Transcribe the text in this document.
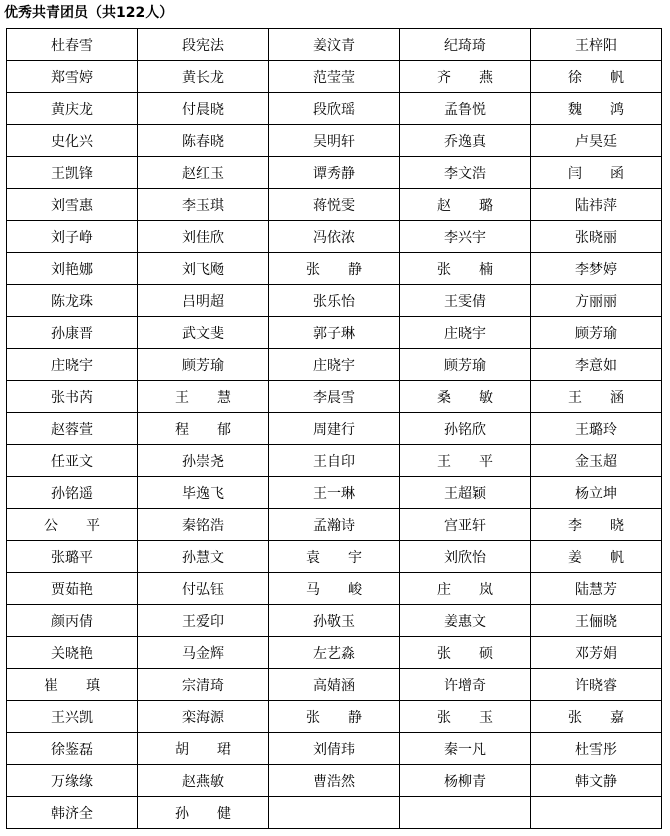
优秀共青团员（共122人）
杜春雪	段宪法	姜汶青	纪琦琦	王梓阳
郑雪婷	黄长龙	范莹莹	齐　　燕	徐　　帆
黄庆龙	付晨晓	段欣瑶	孟鲁悦	魏　　鸿
史化兴	陈春晓	吴明轩	乔逸真	卢昊廷
王凯锋	赵红玉	谭秀静	李文浩	闫　　函
刘雪惠	李玉琪	蒋悦雯	赵　　璐	陆祎萍
刘子峥	刘佳欣	冯依浓	李兴宇	张晓丽
刘艳娜	刘飞飏	张　　静	张　　楠	李梦婷
陈龙珠	吕明超	张乐怡	王雯倩	方丽丽
孙康晋	武文斐	郭子琳	庄晓宇	顾芳瑜
庄晓宇	顾芳瑜	庄晓宇	顾芳瑜	李意如
张书芮	王　　慧	李晨雪	桑　　敏	王　　涵
赵蓉萱	程　　郁	周建行	孙铭欣	王璐玲
任亚文	孙崇尧	王自印	王　　平	金玉超
孙铭遥	毕逸飞	王一琳	王超颖	杨立坤
公　　平	秦铭浩	孟瀚诗	宫亚轩	李　　晓
张璐平	孙慧文	袁　　宇	刘欣怡	姜　　帆
贾茹艳	付弘钰	马　　峻	庄　　岚	陆慧芳
颜丙倩	王爱印	孙敬玉	姜惠文	王俪晓
关晓艳	马金辉	左艺淼	张　　硕	邓芳娟
崔　　瑱	宗清琦	高婧涵	许增奇	许晓睿
王兴凯	栾海源	张　　静	张　　玉	张　　嘉
徐鉴磊	胡　　珺	刘倩玮	秦一凡	杜雪彤
万缘缘	赵燕敏	曹浩然	杨柳青	韩文静
韩济全	孙　　健			
